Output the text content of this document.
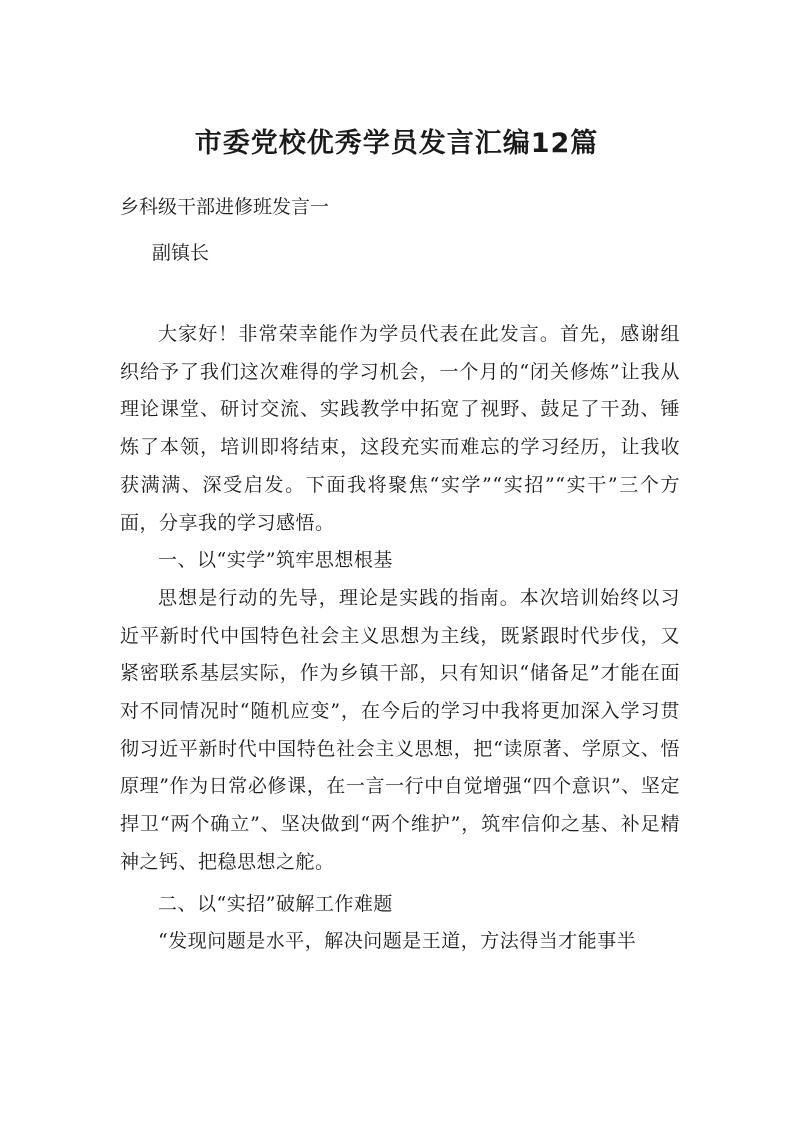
市委党校优秀学员发言汇编12篇

乡科级干部进修班发言一

副镇长

大家好！非常荣幸能作为学员代表在此发言。首先，感谢组织给予了我们这次难得的学习机会，一个月的“闭关修炼”让我从理论课堂、研讨交流、实践教学中拓宽了视野、鼓足了干劲、锤炼了本领，培训即将结束，这段充实而难忘的学习经历，让我收获满满、深受启发。下面我将聚焦“实学”“实招”“实干”三个方面，分享我的学习感悟。

一、以“实学”筑牢思想根基

思想是行动的先导，理论是实践的指南。本次培训始终以习近平新时代中国特色社会主义思想为主线，既紧跟时代步伐，又紧密联系基层实际，作为乡镇干部，只有知识“储备足”才能在面对不同情况时“随机应变”，在今后的学习中我将更加深入学习贯彻习近平新时代中国特色社会主义思想，把“读原著、学原文、悟原理”作为日常必修课，在一言一行中自觉增强“四个意识”、坚定捍卫“两个确立”、坚决做到“两个维护”，筑牢信仰之基、补足精神之钙、把稳思想之舵。

二、以“实招”破解工作难题

“发现问题是水平，解决问题是王道，方法得当才能事半
